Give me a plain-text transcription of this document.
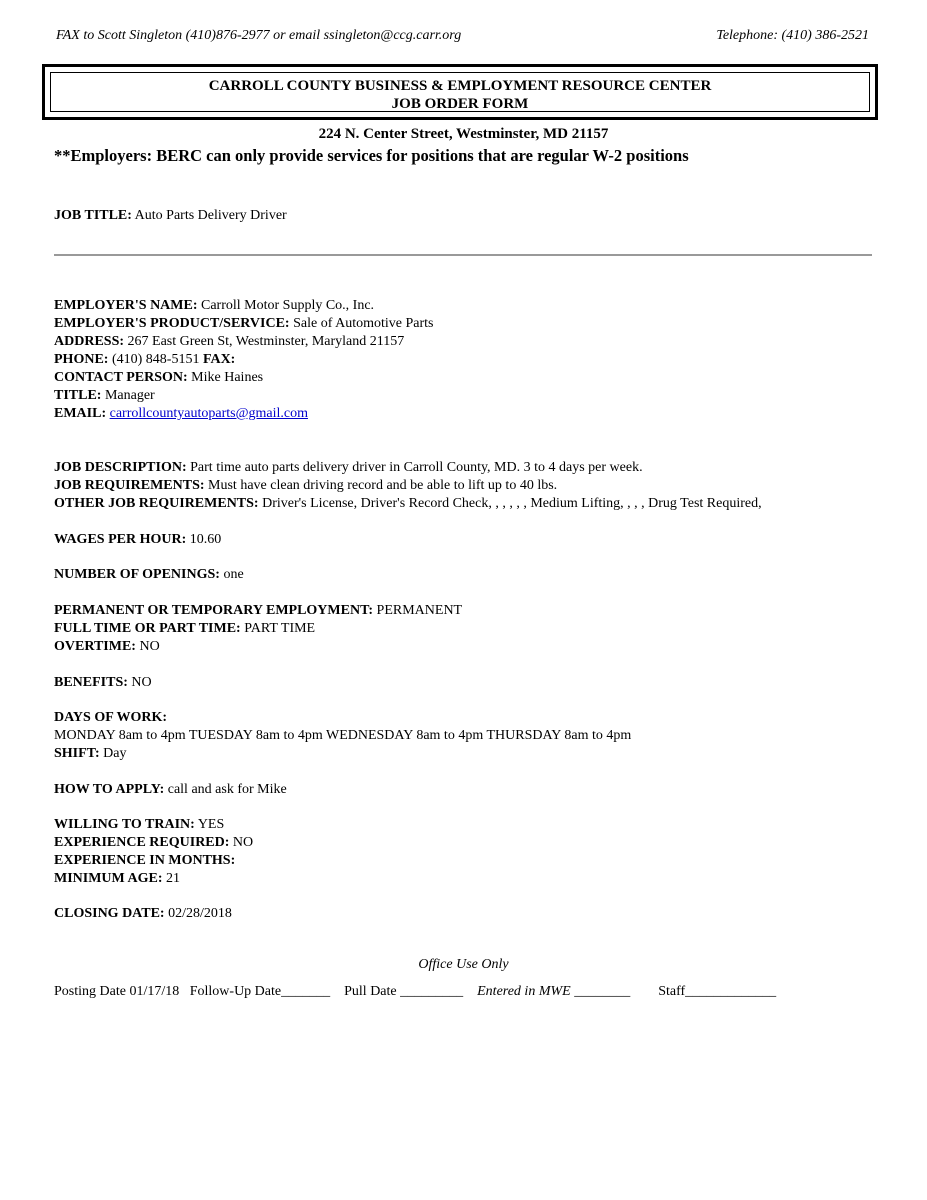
FAX to Scott Singleton (410)876-2977 or email ssingleton@ccg.carr.org	Telephone: (410) 386-2521
CARROLL COUNTY BUSINESS & EMPLOYMENT RESOURCE CENTER
JOB ORDER FORM
224 N. Center Street, Westminster, MD 21157
**Employers: BERC can only provide services for positions that are regular W-2 positions
JOB TITLE: Auto Parts Delivery Driver
EMPLOYER'S NAME: Carroll Motor Supply Co., Inc.
EMPLOYER'S PRODUCT/SERVICE: Sale of Automotive Parts
ADDRESS: 267 East Green St, Westminster, Maryland 21157
PHONE: (410) 848-5151 FAX:
CONTACT PERSON: Mike Haines
TITLE: Manager
EMAIL: carrollcountyautoparts@gmail.com
JOB DESCRIPTION: Part time auto parts delivery driver in Carroll County, MD. 3 to 4 days per week.
JOB REQUIREMENTS: Must have clean driving record and be able to lift up to 40 lbs.
OTHER JOB REQUIREMENTS: Driver's License, Driver's Record Check, , , , , , Medium Lifting, , , , Drug Test Required,
WAGES PER HOUR: 10.60
NUMBER OF OPENINGS: one
PERMANENT OR TEMPORARY EMPLOYMENT: PERMANENT
FULL TIME OR PART TIME: PART TIME
OVERTIME: NO
BENEFITS: NO
DAYS OF WORK:
MONDAY 8am to 4pm TUESDAY 8am to 4pm WEDNESDAY 8am to 4pm THURSDAY 8am to 4pm
SHIFT: Day
HOW TO APPLY: call and ask for Mike
WILLING TO TRAIN: YES
EXPERIENCE REQUIRED: NO
EXPERIENCE IN MONTHS:
MINIMUM AGE: 21
CLOSING DATE: 02/28/2018
Office Use Only
Posting Date 01/17/18 Follow-Up Date_______ Pull Date _________ Entered in MWE ________ Staff_____________
